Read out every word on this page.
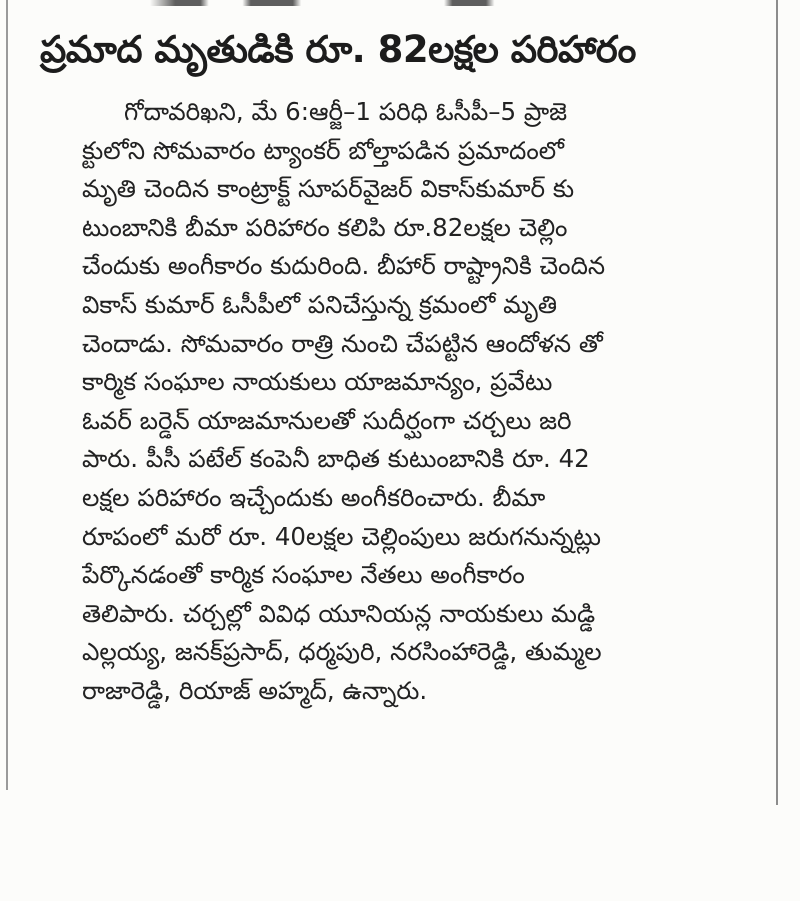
ప్రమాద మృతుడికి రూ. 82లక్షల పరిహారం
గోదావరిఖని, మే 6:ఆర్జీ–1 పరిధి ఓసీపీ–5 ప్రాజె
క్టులోని సోమవారం ట్యాంకర్ బోల్తాపడిన ప్రమాదంలో
మృతి చెందిన కాంట్రాక్ట్ సూపర్‌వైజర్ వికాస్‌కుమార్ కు
టుంబానికి బీమా పరిహారం కలిపి రూ.82లక్షల చెల్లిం
చేందుకు అంగీకారం కుదురింది. బీహార్ రాష్ట్రానికి చెందిన
వికాస్ కుమార్ ఓసీపీలో పనిచేస్తున్న క్రమంలో మృతి
చెందాడు. సోమవారం రాత్రి నుంచి చేపట్టిన ఆందోళన తో
కార్మిక సంఘాల నాయకులు యాజమాన్యం, ప్రవేటు
ఓవర్ బర్డెన్ యాజమానులతో సుదీర్ఘంగా చర్చలు జరి
పారు. పీసీ పటేల్ కంపెనీ బాధిత కుటుంబానికి రూ. 42
లక్షల పరిహారం ఇచ్చేందుకు అంగీకరించారు. బీమా
రూపంలో మరో రూ. 40లక్షల చెల్లింపులు జరుగనున్నట్లు
పేర్కొనడంతో కార్మిక సంఘాల నేతలు అంగీకారం
తెలిపారు. చర్చల్లో వివిధ యూనియన్ల నాయకులు మడ్డి
ఎల్లయ్య, జనక్‌ప్రసాద్, ధర్మపురి, నరసింహారెడ్డి, తుమ్మల
రాజారెడ్డి, రియాజ్ అహ్మద్, ఉన్నారు.
